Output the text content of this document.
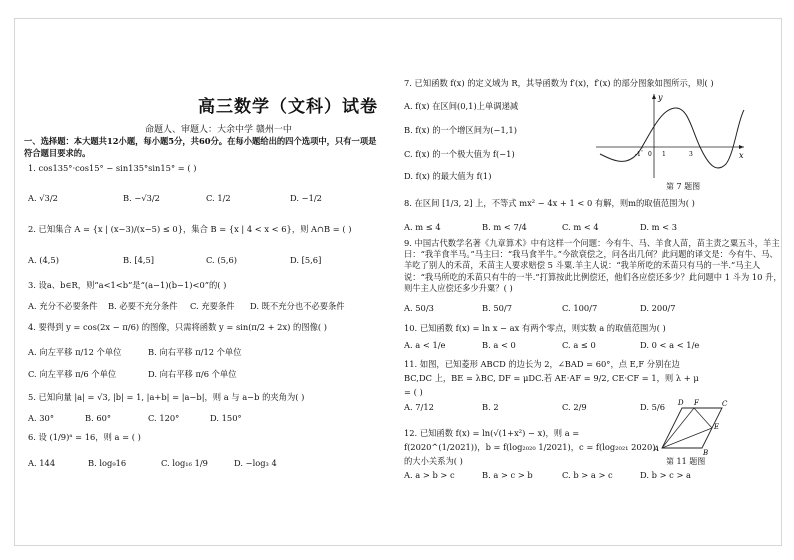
高三数学（文科）试卷
命题人、审题人：大余中学 赣州一中
一、选择题：本大题共12小题，每小题5分，共60分。在每小题给出的四个选项中，只有一项是符合题目要求的。
1. cos135°·cos15° − sin135°sin15° = ( )
A. √3/2	B. −√3/2	C. 1/2	D. −1/2
2. 已知集合 A = {x | (x−3)/(x−5) ≤ 0}，集合 B = {x | 4 < x < 6}，则 A∩B = ( )
A. (4,5)	B. [4,5]	C. (5,6)	D. [5,6]
3. 设a、b∈R，则“a<1<b”是“(a−1)(b−1)<0”的( )
A. 充分不必要条件 B. 必要不充分条件 C. 充要条件 D. 既不充分也不必要条件
4. 要得到 y = cos(2x − π/6) 的图像，只需将函数 y = sin(π/2 + 2x) 的图像( )
A. 向左平移 π/12 个单位	B. 向右平移 π/12 个单位
C. 向左平移 π/6 个单位	D. 向右平移 π/6 个单位
5. 已知向量 |a| = √3, |b| = 1, |a+b| = |a−b|，则 a 与 a−b 的夹角为( )
A. 30°	B. 60°	C. 120°	D. 150°
6. 设 (1/9)ᵃ = 16，则 a = ( )
A. 144	B. log₉16	C. log₁₆ 1/9	D. −log₃ 4
7. 已知函数 f(x) 的定义域为 R，其导函数为 f′(x)，f′(x) 的部分图象如图所示，则( )
A. f(x) 在区间(0,1)上单调递减
B. f(x) 的一个增区间为(−1,1)
C. f(x) 的一个极大值为 f(−1)
D. f(x) 的最大值为 f(1)
y
x
-1 0 1	3
第 7 题图
8. 在区间 [1/3, 2] 上，不等式 mx² − 4x + 1 < 0 有解，则m的取值范围为( )
A. m ≤ 4	B. m < 7/4	C. m < 4	D. m < 3
9. 中国古代数学名著《九章算术》中有这样一个问题：今有牛、马、羊食人苗，苗主责之粟五斗，羊主曰：“我羊食半马。”马主曰：“我马食半牛。”今欲衰偿之，问各出几何？此问题的译文是：今有牛、马、羊吃了别人的禾苗，禾苗主人要求赔偿 5 斗粟.羊主人说：“我羊所吃的禾苗只有马的一半.”马主人说：“我马所吃的禾苗只有牛的一半.”打算按此比例偿还，他们各应偿还多少？此问题中 1 斗为 10 升，则牛主人应偿还多少升粟？( )
A. 50/3	B. 50/7	C. 100/7	D. 200/7
10. 已知函数 f(x) = ln x − ax 有两个零点，则实数 a 的取值范围为( )
A. a < 1/e	B. a < 0	C. a ≤ 0	D. 0 < a < 1/e
11. 如图，已知菱形 ABCD 的边长为 2，∠BAD = 60°，点 E,F 分别在边 BC,DC 上，BE = λBC, DF = μDC.若 AE·AF = 9/2, CE·CF = 1，则 λ + μ = ( )
A. 7/12	B. 2	C. 2/9	D. 5/6
A	B
C
D
E
F
第 11 题图
12. 已知函数 f(x) = ln(√(1+x²) − x)，则 a = f(2020^(1/2021))，b = f(log₂₀₂₀ 1/2021)，c = f(log₂₀₂₁ 2020) 的大小关系为( )
A. a > b > c	B. a > c > b	C. b > a > c	D. b > c > a
